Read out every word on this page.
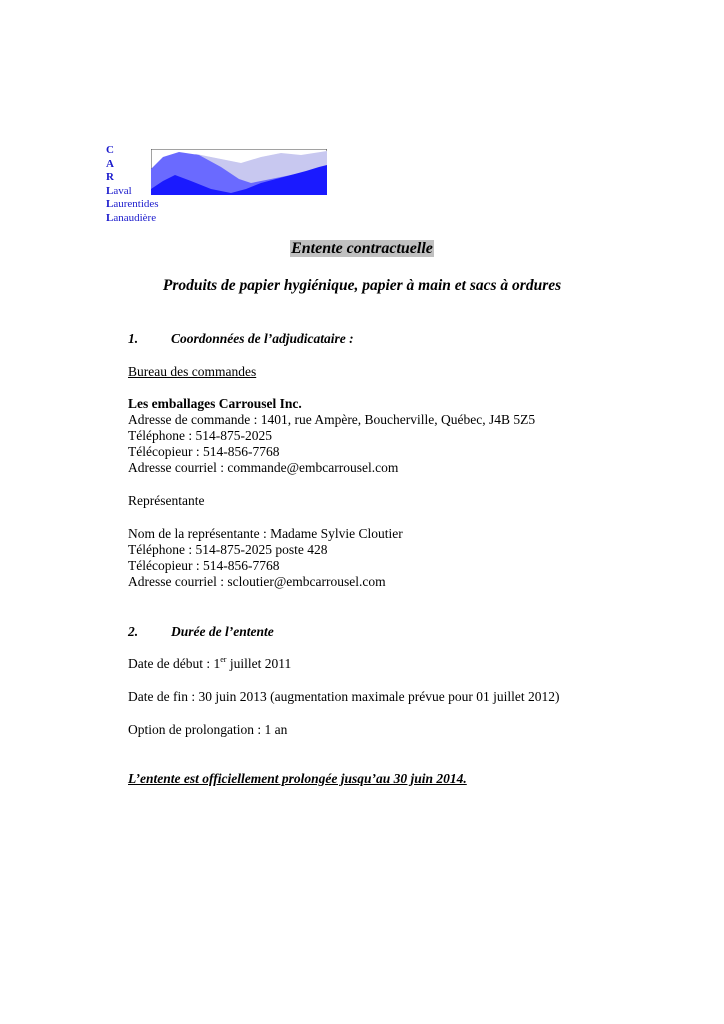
C
A
R
Laval
Laurentides
Lanaudière
Entente contractuelle
Produits de papier hygiénique, papier à main et sacs à ordures
1. Coordonnées de l’adjudicataire :
Bureau des commandes
Les emballages Carrousel Inc.
Adresse de commande : 1401, rue Ampère, Boucherville, Québec, J4B 5Z5
Téléphone : 514-875-2025
Télécopieur : 514-856-7768
Adresse courriel : commande@embcarrousel.com
Représentante
Nom de la représentante : Madame Sylvie Cloutier
Téléphone : 514-875-2025 poste 428
Télécopieur : 514-856-7768
Adresse courriel : scloutier@embcarrousel.com
2. Durée de l’entente
Date de début : 1er juillet 2011
Date de fin : 30 juin 2013 (augmentation maximale prévue pour 01 juillet 2012)
Option de prolongation : 1 an
L’entente est officiellement prolongée jusqu’au 30 juin 2014.
